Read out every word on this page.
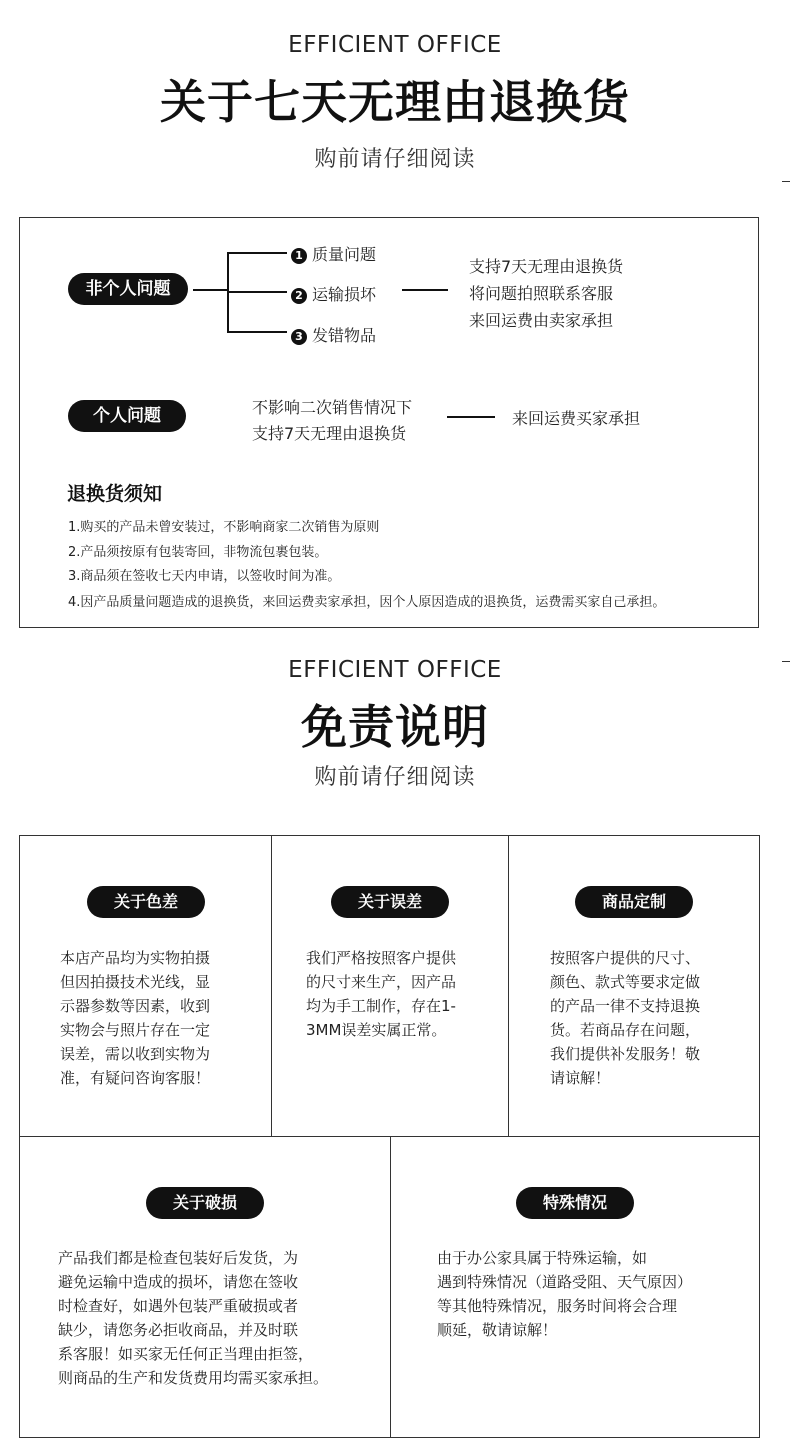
EFFICIENT OFFICE
关于七天无理由退换货
购前请仔细阅读
非个人问题
1 质量问题
2 运输损坏
3 发错物品
支持7天无理由退换货
将问题拍照联系客服
来回运费由卖家承担
个人问题	不影响二次销售情况下
支持7天无理由退换货
来回运费买家承担
退换货须知
1.购买的产品未曾安装过，不影响商家二次销售为原则
2.产品须按原有包装寄回，非物流包裹包装。
3.商品须在签收七天内申请，以签收时间为准。
4.因产品质量问题造成的退换货，来回运费卖家承担，因个人原因造成的退换货，运费需买家自己承担。
EFFICIENT OFFICE
免责说明
购前请仔细阅读
关于色差
本店产品均为实物拍摄
但因拍摄技术光线，显
示器参数等因素，收到
实物会与照片存在一定
误差，需以收到实物为
准，有疑问咨询客服！
关于误差
我们严格按照客户提供
的尺寸来生产，因产品
均为手工制作，存在1-
3MM误差实属正常。
商品定制
按照客户提供的尺寸、
颜色、款式等要求定做
的产品一律不支持退换
货。若商品存在问题，
我们提供补发服务！敬
请谅解！
关于破损
产品我们都是检查包装好后发货，为
避免运输中造成的损坏，请您在签收
时检查好，如遇外包装严重破损或者
缺少，请您务必拒收商品，并及时联
系客服！如买家无任何正当理由拒签，
则商品的生产和发货费用均需买家承担。
特殊情况
由于办公家具属于特殊运输，如
遇到特殊情况（道路受阻、天气原因）
等其他特殊情况，服务时间将会合理
顺延，敬请谅解！
